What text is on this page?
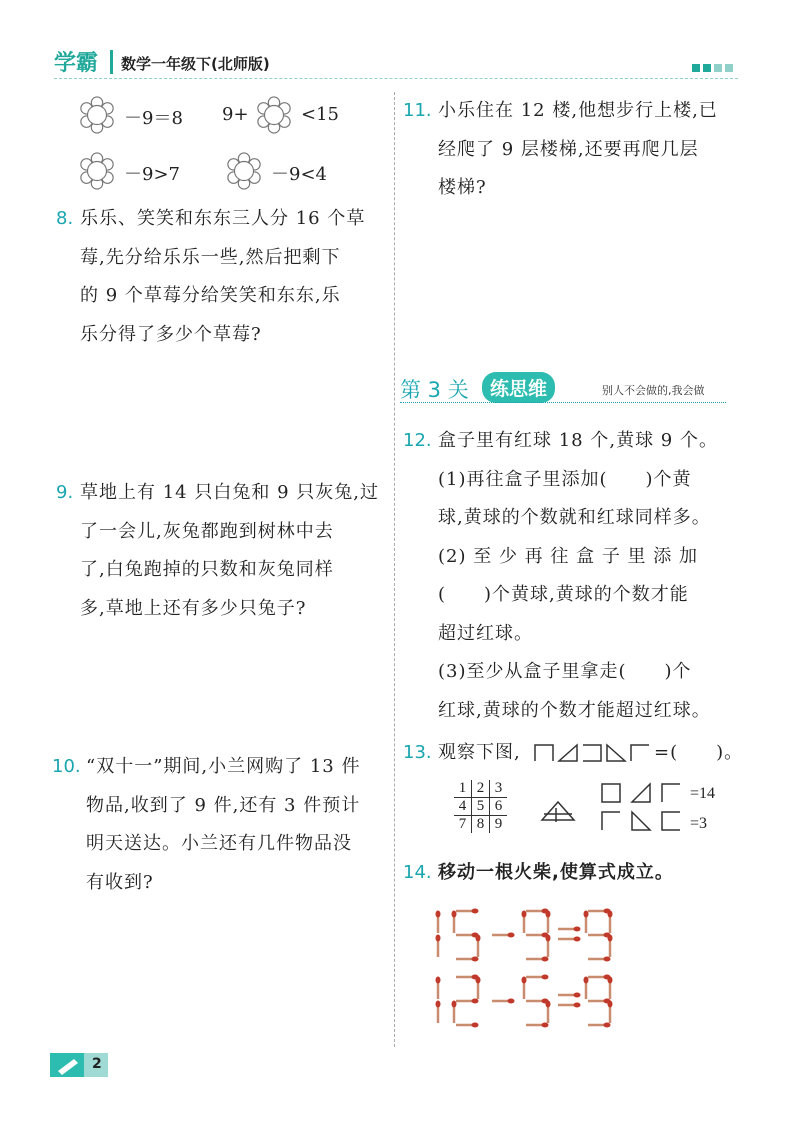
学霸 数学一年级下(北师版)
－9＝8 9+	<15
－9>7	－9<4
8. 乐乐、笑笑和东东三人分 16 个草
莓,先分给乐乐一些,然后把剩下
的 9 个草莓分给笑笑和东东,乐
乐分得了多少个草莓?
9. 草地上有 14 只白兔和 9 只灰兔,过
了一会儿,灰兔都跑到树林中去
了,白兔跑掉的只数和灰兔同样
多,草地上还有多少只兔子?
10. “双十一”期间,小兰网购了 13 件
物品,收到了 9 件,还有 3 件预计
明天送达。小兰还有几件物品没
有收到?
11. 小乐住在 12 楼,他想步行上楼,已
经爬了 9 层楼梯,还要再爬几层
楼梯?
第 3 关	练思维	别人不会做的,我会做
12. 盒子里有红球 18 个,黄球 9 个。
(1)再往盒子里添加(　　)个黄
球,黄球的个数就和红球同样多。
(2) 至 少 再 往 盒 子 里 添 加
(　　)个黄球,黄球的个数才能
超过红球。
(3)至少从盒子里拿走(　　)个
红球,黄球的个数才能超过红球。
13. 观察下图,	=(　　)。
1	2	3
4	5	6
7	8	9
=14
=3
14. 移动一根火柴,使算式成立。
2
